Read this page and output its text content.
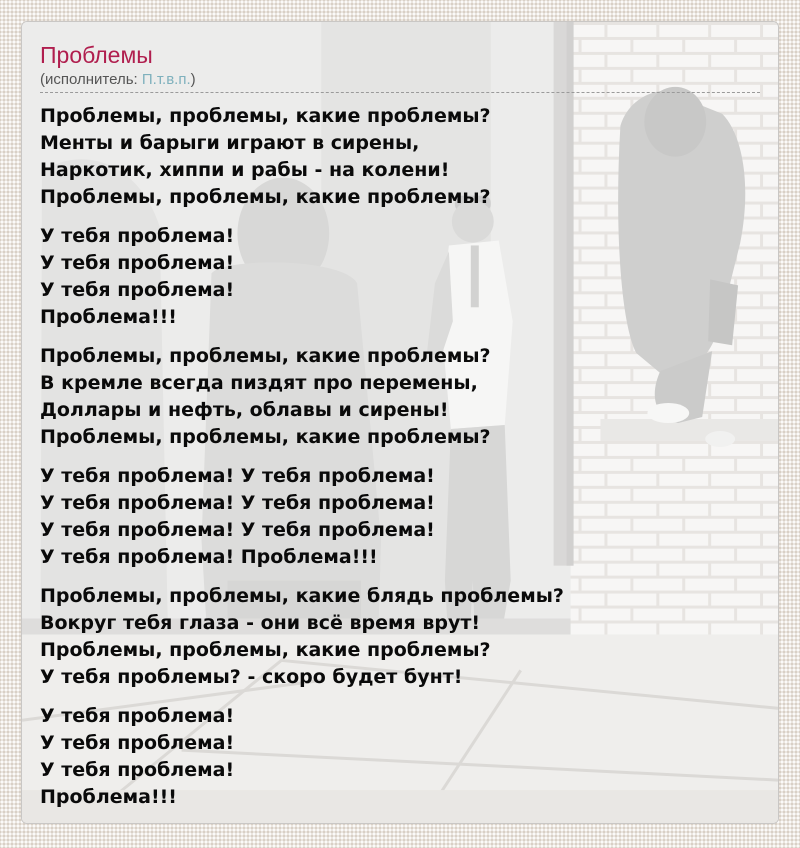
Проблемы
(исполнитель: П.т.в.п.)

Проблемы, проблемы, какие проблемы?
Менты и барыги играют в сирены,
Наркотик, хиппи и рабы - на колени!
Проблемы, проблемы, какие проблемы?

У тебя проблема!
У тебя проблема!
У тебя проблема!
Проблема!!!

Проблемы, проблемы, какие проблемы?
В кремле всегда пиздят про перемены,
Доллары и нефть, облавы и сирены!
Проблемы, проблемы, какие проблемы?

У тебя проблема! У тебя проблема!
У тебя проблема! У тебя проблема!
У тебя проблема! У тебя проблема!
У тебя проблема! Проблема!!!

Проблемы, проблемы, какие блядь проблемы?
Вокруг тебя глаза - они всё время врут!
Проблемы, проблемы, какие проблемы?
У тебя проблемы? - скоро будет бунт!

У тебя проблема!
У тебя проблема!
У тебя проблема!
Проблема!!!
